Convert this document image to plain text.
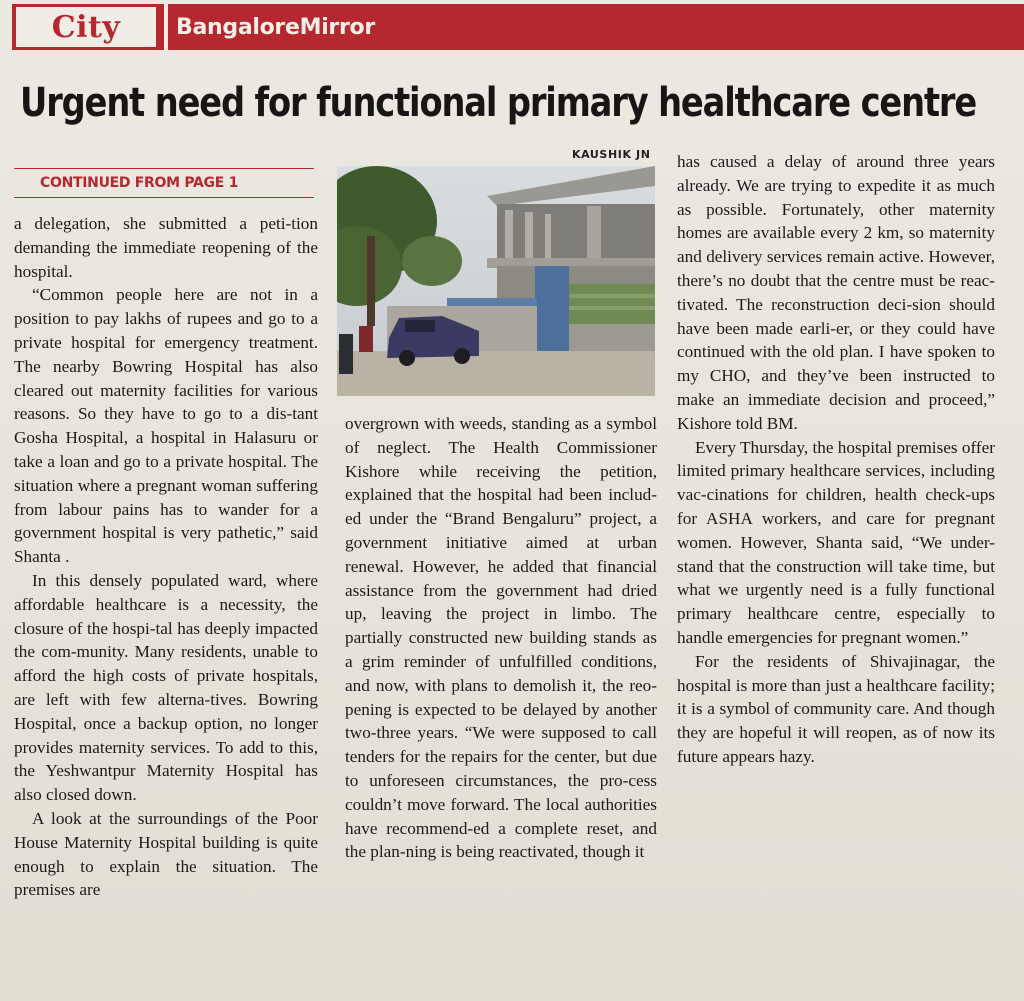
City	BangaloreMirror
Urgent need for functional primary healthcare centre
CONTINUED FROM PAGE 1

a delegation, she submitted a peti-tion demanding the immediate reopening of the hospital.

“Common people here are not in a position to pay lakhs of rupees and go to a private hospital for emergency treatment. The nearby Bowring Hospital has also cleared out maternity facilities for various reasons. So they have to go to a dis-tant Gosha Hospital, a hospital in Halasuru or take a loan and go to a private hospital. The situation where a pregnant woman suffering from labour pains has to wander for a government hospital is very pathetic,” said Shanta .

In this densely populated ward, where affordable healthcare is a necessity, the closure of the hospi-tal has deeply impacted the com-munity. Many residents, unable to afford the high costs of private hospitals, are left with few alterna-tives. Bowring Hospital, once a backup option, no longer provides maternity services. To add to this, the Yeshwantpur Maternity Hospital has also closed down.

A look at the surroundings of the Poor House Maternity Hospital building is quite enough to explain the situation. The premises are

KAUSHIK JN

overgrown with weeds, standing as a symbol of neglect. The Health Commissioner Kishore while receiving the petition, explained that the hospital had been includ-ed under the “Brand Bengaluru” project, a government initiative aimed at urban renewal. However, he added that financial assistance from the government had dried up, leaving the project in limbo. The partially constructed new building stands as a grim reminder of unfulfilled conditions, and now, with plans to demolish it, the reo-pening is expected to be delayed by another two-three years. “We were supposed to call tenders for the repairs for the center, but due to unforeseen circumstances, the pro-cess couldn’t move forward. The local authorities have recommend-ed a complete reset, and the plan-ning is being reactivated, though it

has caused a delay of around three years already. We are trying to expedite it as much as possible. Fortunately, other maternity homes are available every 2 km, so maternity and delivery services remain active. However, there’s no doubt that the centre must be reac-tivated. The reconstruction deci-sion should have been made earli-er, or they could have continued with the old plan. I have spoken to my CHO, and they’ve been instructed to make an immediate decision and proceed,” Kishore told BM.

Every Thursday, the hospital premises offer limited primary healthcare services, including vac-cinations for children, health check-ups for ASHA workers, and care for pregnant women. However, Shanta said, “We under-stand that the construction will take time, but what we urgently need is a fully functional primary healthcare centre, especially to handle emergencies for pregnant women.”

For the residents of Shivajinagar, the hospital is more than just a healthcare facility; it is a symbol of community care. And though they are hopeful it will reopen, as of now its future appears hazy.
